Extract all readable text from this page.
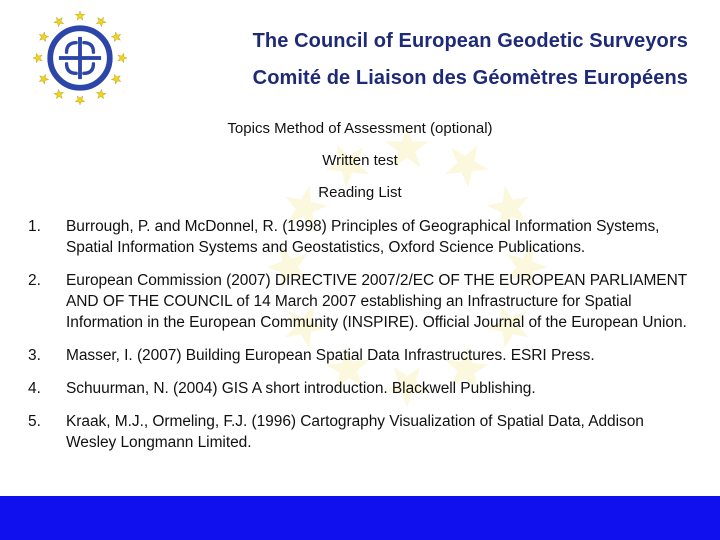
The Council of European Geodetic Surveyors
Comité de Liaison des Géomètres Européens
Topics Method of Assessment (optional)
Written test
Reading List
1.	Burrough, P. and McDonnel, R. (1998) Principles of Geographical Information Systems, Spatial Information Systems and Geostatistics, Oxford Science Publications.
2.	European Commission (2007) DIRECTIVE 2007/2/EC OF THE EUROPEAN PARLIAMENT AND OF THE COUNCIL of 14 March 2007 establishing an Infrastructure for Spatial Information in the European Community (INSPIRE). Official Journal of the European Union.
3.	Masser, I. (2007) Building European Spatial Data Infrastructures. ESRI Press.
4.	Schuurman, N. (2004) GIS A short introduction. Blackwell Publishing.
5.	Kraak, M.J., Ormeling, F.J. (1996) Cartography Visualization of Spatial Data, Addison Wesley Longmann Limited.
